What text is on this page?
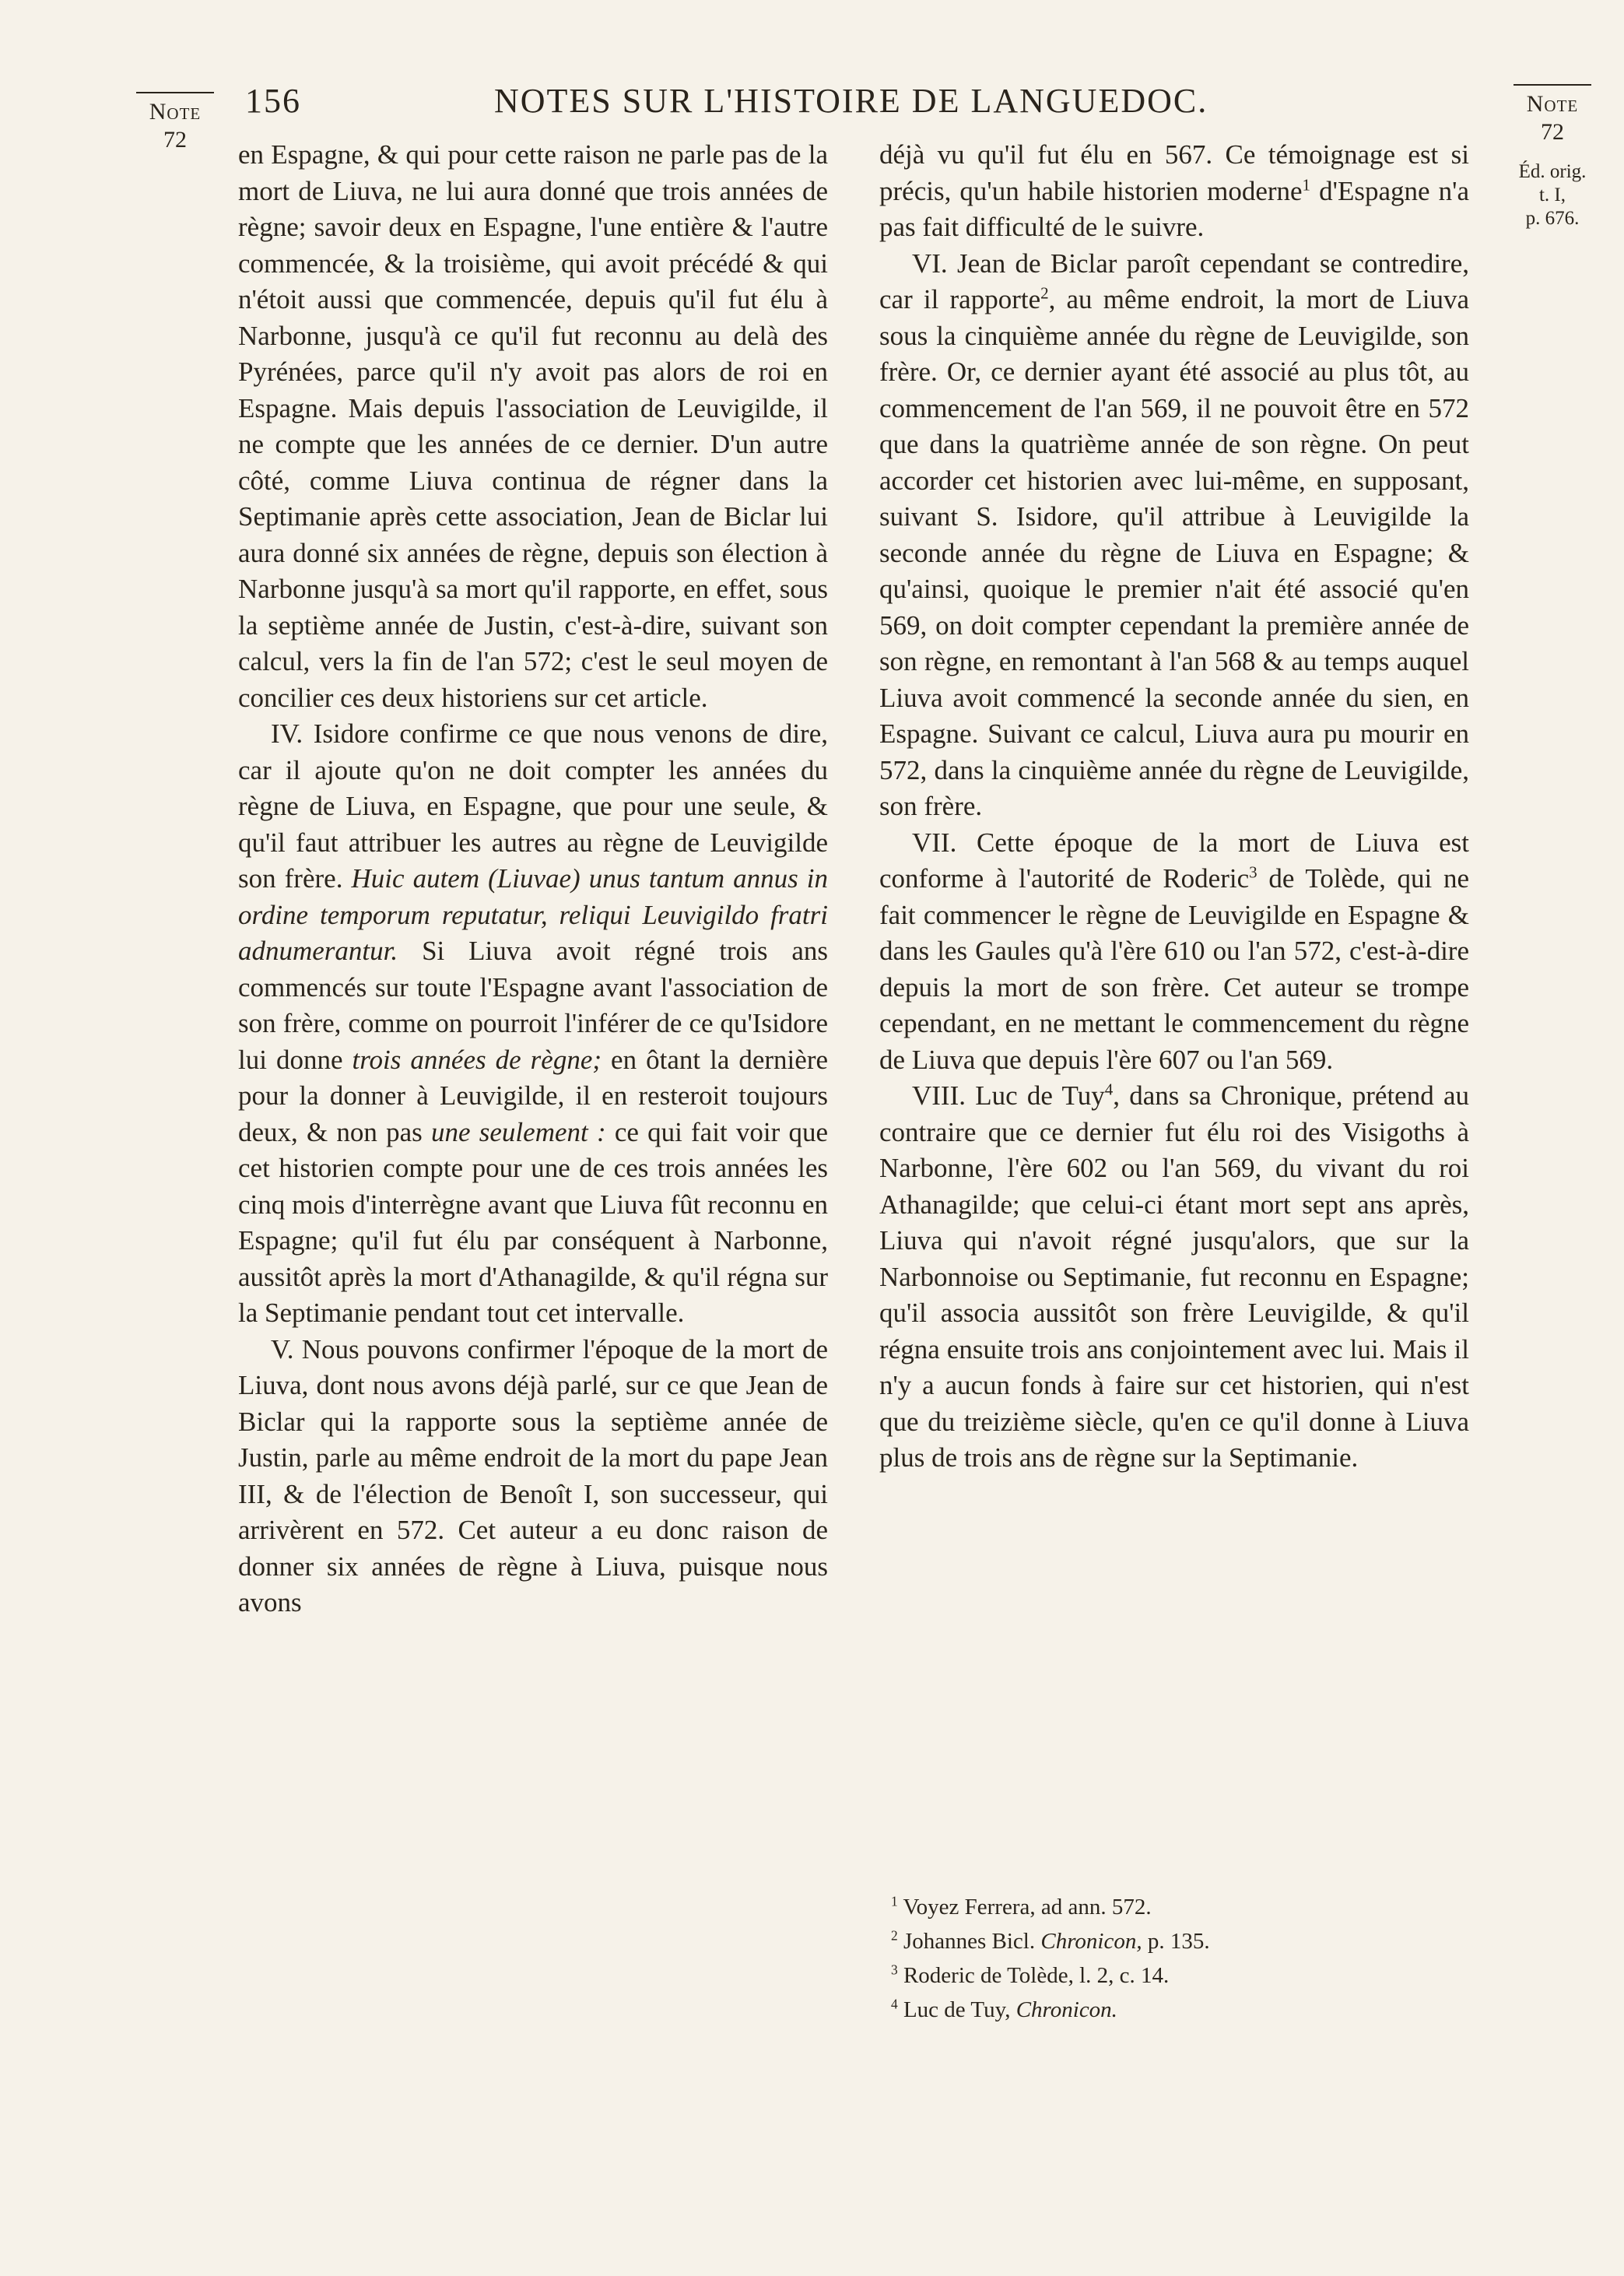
Note
72
Note
72
Éd. orig.
t. I,
p. 676.
156	NOTES SUR L'HISTOIRE DE LANGUEDOC.

en Espagne, & qui pour cette raison ne parle pas de la mort de Liuva, ne lui aura donné que trois années de règne; savoir deux en Espagne, l'une entière & l'autre commencée, & la troisième, qui avoit précédé & qui n'étoit aussi que commencée, depuis qu'il fut élu à Narbonne, jusqu'à ce qu'il fut reconnu au delà des Pyrénées, parce qu'il n'y avoit pas alors de roi en Espagne. Mais depuis l'association de Leuvigilde, il ne compte que les années de ce dernier. D'un autre côté, comme Liuva continua de régner dans la Septimanie après cette association, Jean de Biclar lui aura donné six années de règne, depuis son élection à Narbonne jusqu'à sa mort qu'il rapporte, en effet, sous la septième année de Justin, c'est-à-dire, suivant son calcul, vers la fin de l'an 572; c'est le seul moyen de concilier ces deux historiens sur cet article.

IV. Isidore confirme ce que nous venons de dire, car il ajoute qu'on ne doit compter les années du règne de Liuva, en Espagne, que pour une seule, & qu'il faut attribuer les autres au règne de Leuvigilde son frère. Huic autem (Liuvae) unus tantum annus in ordine temporum reputatur, reliqui Leuvigildo fratri adnumerantur. Si Liuva avoit régné trois ans commencés sur toute l'Espagne avant l'association de son frère, comme on pourroit l'inférer de ce qu'Isidore lui donne trois années de règne; en ôtant la dernière pour la donner à Leuvigilde, il en resteroit toujours deux, & non pas une seulement : ce qui fait voir que cet historien compte pour une de ces trois années les cinq mois d'interrègne avant que Liuva fût reconnu en Espagne; qu'il fut élu par conséquent à Narbonne, aussitôt après la mort d'Athanagilde, & qu'il régna sur la Septimanie pendant tout cet intervalle.

V. Nous pouvons confirmer l'époque de la mort de Liuva, dont nous avons déjà parlé, sur ce que Jean de Biclar qui la rapporte sous la septième année de Justin, parle au même endroit de la mort du pape Jean III, & de l'élection de Benoît I, son successeur, qui arrivèrent en 572. Cet auteur a eu donc raison de donner six années de règne à Liuva, puisque nous avons

déjà vu qu'il fut élu en 567. Ce témoignage est si précis, qu'un habile historien moderne$^1$ d'Espagne n'a pas fait difficulté de le suivre.

VI. Jean de Biclar paroît cependant se contredire, car il rapporte$^2$, au même endroit, la mort de Liuva sous la cinquième année du règne de Leuvigilde, son frère. Or, ce dernier ayant été associé au plus tôt, au commencement de l'an 569, il ne pouvoit être en 572 que dans la quatrième année de son règne. On peut accorder cet historien avec lui-même, en supposant, suivant S. Isidore, qu'il attribue à Leuvigilde la seconde année du règne de Liuva en Espagne; & qu'ainsi, quoique le premier n'ait été associé qu'en 569, on doit compter cependant la première année de son règne, en remontant à l'an 568 & au temps auquel Liuva avoit commencé la seconde année du sien, en Espagne. Suivant ce calcul, Liuva aura pu mourir en 572, dans la cinquième année du règne de Leuvigilde, son frère.

VII. Cette époque de la mort de Liuva est conforme à l'autorité de Roderic$^3$ de Tolède, qui ne fait commencer le règne de Leuvigilde en Espagne & dans les Gaules qu'à l'ère 610 ou l'an 572, c'est-à-dire depuis la mort de son frère. Cet auteur se trompe cependant, en ne mettant le commencement du règne de Liuva que depuis l'ère 607 ou l'an 569.

VIII. Luc de Tuy$^4$, dans sa Chronique, prétend au contraire que ce dernier fut élu roi des Visigoths à Narbonne, l'ère 602 ou l'an 569, du vivant du roi Athanagilde; que celui-ci étant mort sept ans après, Liuva qui n'avoit régné jusqu'alors, que sur la Narbonnoise ou Septimanie, fut reconnu en Espagne; qu'il associa aussitôt son frère Leuvigilde, & qu'il régna ensuite trois ans conjointement avec lui. Mais il n'y a aucun fonds à faire sur cet historien, qui n'est que du treizième siècle, qu'en ce qu'il donne à Liuva plus de trois ans de règne sur la Septimanie.

$^1$ Voyez Ferrera, ad ann. 572.
$^2$ Johannes Bicl. Chronicon, p. 135.
$^3$ Roderic de Tolède, l. 2, c. 14.
$^4$ Luc de Tuy, Chronicon.
